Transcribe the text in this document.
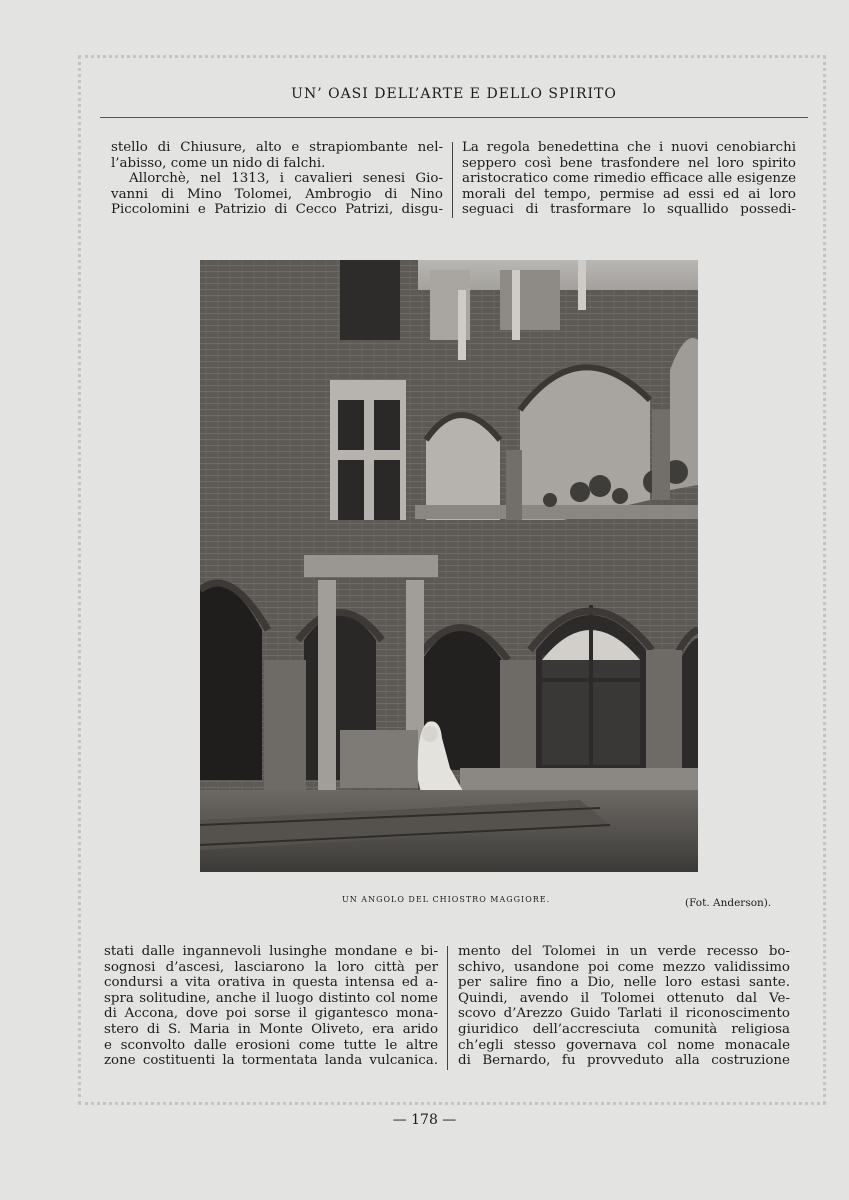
UN’ OASI DELL’ARTE E DELLO SPIRITO
stello di Chiusure, alto e strapiombante nel-
l’abisso, come un nido di falchi.
Allorchè, nel 1313, i cavalieri senesi Gio-
vanni di Mino Tolomei, Ambrogio di Nino
Piccolomini e Patrizio di Cecco Patrizi, disgu-
La regola benedettina che i nuovi cenobiarchi
seppero così bene trasfondere nel loro spirito
aristocratico come rimedio efficace alle esigenze
morali del tempo, permise ad essi ed ai loro
seguaci di trasformare lo squallido possedi-
UN ANGOLO DEL CHIOSTRO MAGGIORE.	(Fot. Anderson).
stati dalle ingannevoli lusinghe mondane e bi-
sognosi d’ascesi, lasciarono la loro città per
condursi a vita orativa in questa intensa ed a-
spra solitudine, anche il luogo distinto col nome
di Accona, dove poi sorse il gigantesco mona-
stero di S. Maria in Monte Oliveto, era arido
e sconvolto dalle erosioni come tutte le altre
zone costituenti la tormentata landa vulcanica.
mento del Tolomei in un verde recesso bo-
schivo, usandone poi come mezzo validissimo
per salire fino a Dio, nelle loro estasi sante.
Quindi, avendo il Tolomei ottenuto dal Ve-
scovo d’Arezzo Guido Tarlati il riconoscimento
giuridico dell’accresciuta comunità religiosa
ch’egli stesso governava col nome monacale
di Bernardo, fu provveduto alla costruzione
— 178 —
